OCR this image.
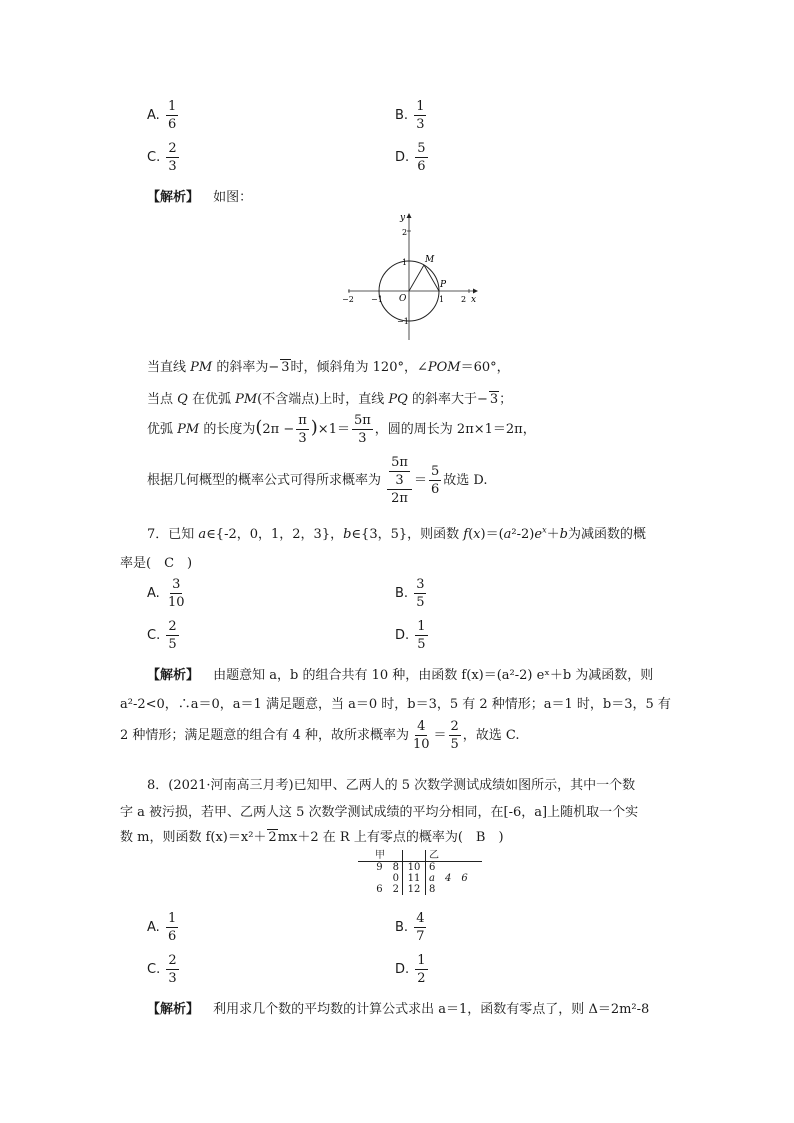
A. $\frac{1}{6}$	B. $\frac{1}{3}$
C. $\frac{2}{3}$	D. $\frac{5}{6}$
【解析】 如图：
y
x
O
M
P
2
1
−1
2
1
−2 −1
当直线 PM 的斜率为− 3时，倾斜角为 120°，∠POM＝60°，
当点 Q 在优弧 PM(不含端点)上时，直线 PQ 的斜率大于− 3；
优弧 PM 的长度为$(2\pi - \frac{\pi}{3} )\times 1= \frac{5\pi}{3}$ ，圆的周长为 2π×1＝2π，
根据几何概型的概率公式可得所求概率为 $\frac{\frac{5\pi}{3}}{2\pi} = \frac{5}{6}$ 故选 D.
7．已知 a∈{-2，0，1，2，3}，b∈{3，5}，则函数 $f(x)=(a^2-2)e^x+b$为减函数的概
率是(　C　)
A. $\frac{3}{10}$	B. $\frac{3}{5}$
C. $\frac{2}{5}$	D. $\frac{1}{5}$
【解析】 由题意知 a，b 的组合共有 10 种，由函数 f(x)＝(a²-2) eˣ＋b 为减函数，则
a²-2<0，∴a＝0，a＝1 满足题意，当 a＝0 时，b＝3，5 有 2 种情形；a＝1 时，b＝3，5 有
2 种情形；满足题意的组合有 4 种，故所求概率为 $\frac{4}{10} = \frac{2}{5}$ ，故选 C.
8．(2021·河南高三月考)已知甲、乙两人的 5 次数学测试成绩如图所示，其中一个数
字 a 被污损，若甲、乙两人这 5 次数学测试成绩的平均分相同，在[-6，a]上随机取一个实
数 m，则函数 f(x)＝x²＋ 2mx＋2 在 R 上有零点的概率为(　B　)
甲		乙
9　8	10	6
0	11	a　4　6
6　2	12	8
A. $\frac{1}{6}$	B. $\frac{4}{7}$
C. $\frac{2}{3}$	D. $\frac{1}{2}$
【解析】 利用求几个数的平均数的计算公式求出 a＝1，函数有零点了，则 Δ＝2m²-8
